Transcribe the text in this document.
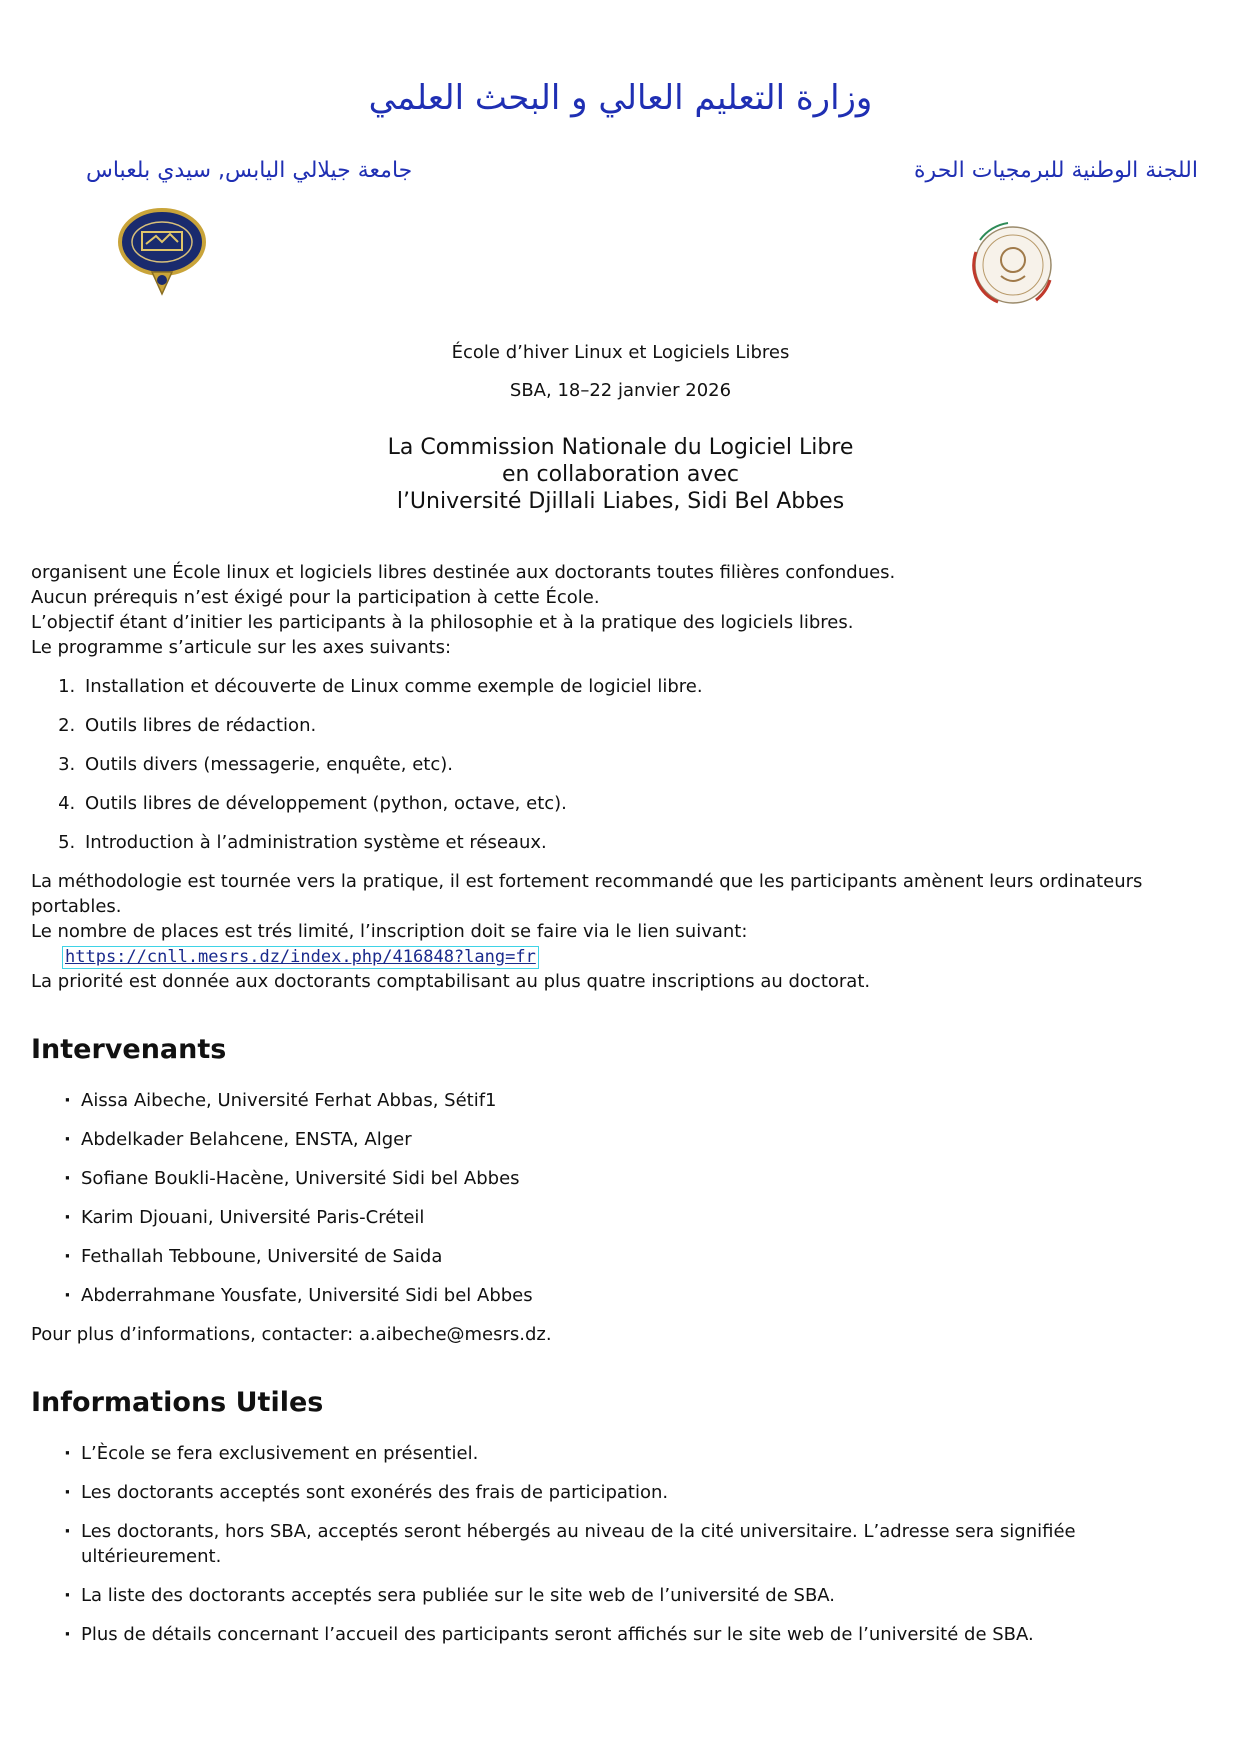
وزارة التعليم العالي و البحث العلمي
اللجنة الوطنية للبرمجيات الحرة
جامعة جيلالي اليابس, سيدي بلعباس
École d’hiver Linux et Logiciels Libres
SBA, 18–22 janvier 2026
La Commission Nationale du Logiciel Libre
en collaboration avec
l’Université Djillali Liabes, Sidi Bel Abbes

organisent une École linux et logiciels libres destinée aux doctorants toutes filières confondues.

Aucun prérequis n’est éxigé pour la participation à cette École.

L’objectif étant d’initier les participants à la philosophie et à la pratique des logiciels libres.

Le programme s’articule sur les axes suivants:

1. Installation et découverte de Linux comme exemple de logiciel libre.
2. Outils libres de rédaction.
3. Outils divers (messagerie, enquête, etc).
4. Outils libres de développement (python, octave, etc).
5. Introduction à l’administration système et réseaux.

La méthodologie est tournée vers la pratique, il est fortement recommandé que les participants amènent leurs ordinateurs portables.

Le nombre de places est trés limité, l’inscription doit se faire via le lien suivant:

https://cnll.mesrs.dz/index.php/416848?lang=fr

La priorité est donnée aux doctorants comptabilisant au plus quatre inscriptions au doctorat.

Intervenants
· Aissa Aibeche, Université Ferhat Abbas, Sétif1
· Abdelkader Belahcene, ENSTA, Alger
· Sofiane Boukli-Hacène, Université Sidi bel Abbes
· Karim Djouani, Université Paris-Créteil
· Fethallah Tebboune, Université de Saida
· Abderrahmane Yousfate, Université Sidi bel Abbes

Pour plus d’informations, contacter: a.aibeche@mesrs.dz.

Informations Utiles
· L’Ècole se fera exclusivement en présentiel.
· Les doctorants acceptés sont exonérés des frais de participation.
· Les doctorants, hors SBA, acceptés seront hébergés au niveau de la cité universitaire. L’adresse sera signifiée ultérieurement.
· La liste des doctorants acceptés sera publiée sur le site web de l’université de SBA.
· Plus de détails concernant l’accueil des participants seront affichés sur le site web de l’université de SBA.
